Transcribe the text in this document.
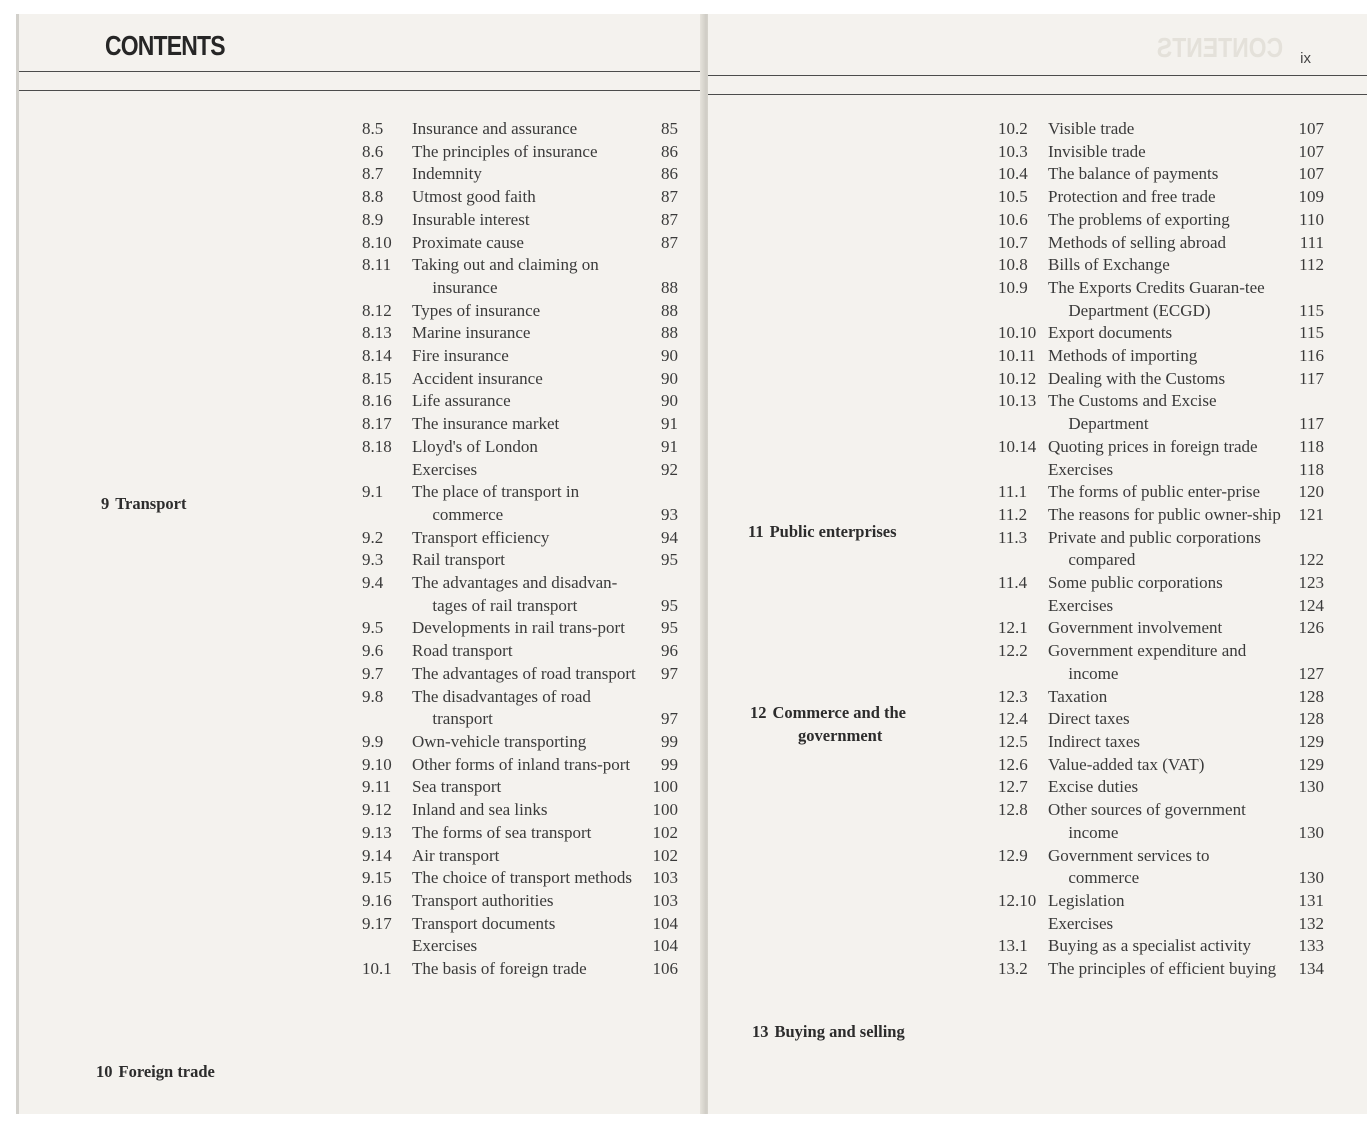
CONTENTS
9 Transport
10 Foreign trade
8.5 Insurance and assurance	85
8.6 The principles of insurance	86
8.7 Indemnity	86
8.8 Utmost good faith	87
8.9 Insurable interest	87
8.10 Proximate cause	87
8.11 Taking out and claiming on insurance	88
8.12 Types of insurance	88
8.13 Marine insurance	88
8.14 Fire insurance	90
8.15 Accident insurance	90
8.16 Life assurance	90
8.17 The insurance market	91
8.18 Lloyd's of London	91
Exercises	92
9.1 The place of transport in commerce	93
9.2 Transport efficiency	94
9.3 Rail transport	95
9.4 The advantages and disadvan-tages of rail transport	95
9.5 Developments in rail trans-port	95
9.6 Road transport	96
9.7 The advantages of road transport 97
9.8 The disadvantages of road transport	97
9.9 Own-vehicle transporting	99
9.10 Other forms of inland trans-port	99
9.11 Sea transport	100
9.12 Inland and sea links	100
9.13 The forms of sea transport	102
9.14 Air transport	102
9.15 The choice of transport methods	103
9.16 Transport authorities	103
9.17 Transport documents	104
Exercises	104
10.1 The basis of foreign trade	106
CONTENTS ix

11 Public enterprises
12 Commerce and the
government
13 Buying and selling
10.2 Visible trade	107
10.3 Invisible trade	107
10.4 The balance of payments	107
10.5 Protection and free trade	109
10.6 The problems of exporting	110
10.7 Methods of selling abroad	111
10.8 Bills of Exchange	112
10.9 The Exports Credits Guaran-tee Department (ECGD)	115
10.10 Export documents	115
10.11 Methods of importing	116
10.12 Dealing with the Customs	117
10.13 The Customs and Excise Department	117
10.14 Quoting prices in foreign trade	118
Exercises	118
11.1 The forms of public enter-prise	120
11.2 The reasons for public owner-ship 121
11.3 Private and public corporations compared	122
11.4 Some public corporations	123
Exercises	124
12.1 Government involvement	126
12.2 Government expenditure and income	127
12.3 Taxation	128
12.4 Direct taxes	128
12.5 Indirect taxes	129
12.6 Value-added tax (VAT)	129
12.7 Excise duties	130
12.8 Other sources of government income	130
12.9 Government services to commerce	130
12.10 Legislation	131
Exercises	132
13.1 Buying as a specialist activity	133
13.2 The principles of efficient buying	134
